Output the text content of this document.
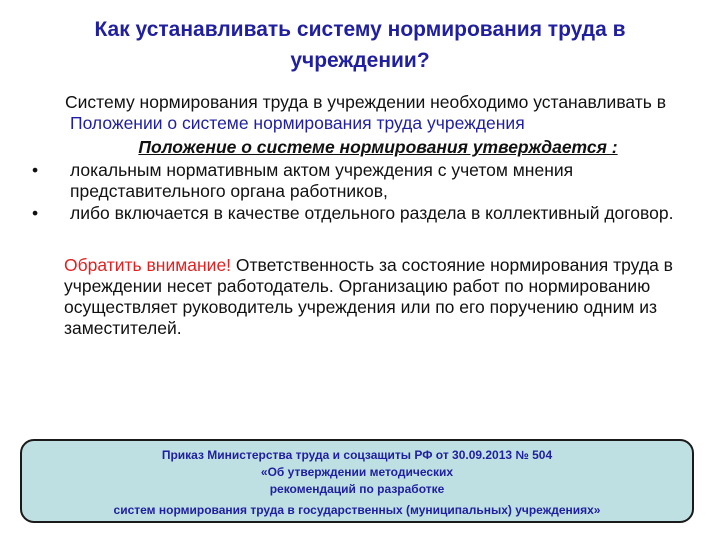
Как устанавливать систему нормирования труда в учреждении?

Систему нормирования труда в учреждении необходимо устанавливать в Положении о системе нормирования труда учреждения

Положение о системе нормирования утверждается :

• локальным нормативным актом учреждения с учетом мнения представительного органа работников,
• либо включается в качестве отдельного раздела в коллективный договор.

Обратить внимание! Ответственность за состояние нормирования труда в учреждении несет работодатель. Организацию работ по нормированию осуществляет руководитель учреждения или по его поручению одним из заместителей.

Приказ Министерства труда и соцзащиты РФ от 30.09.2013 № 504
«Об утверждении методических
рекомендаций по разработке
систем нормирования труда в государственных (муниципальных) учреждениях»
